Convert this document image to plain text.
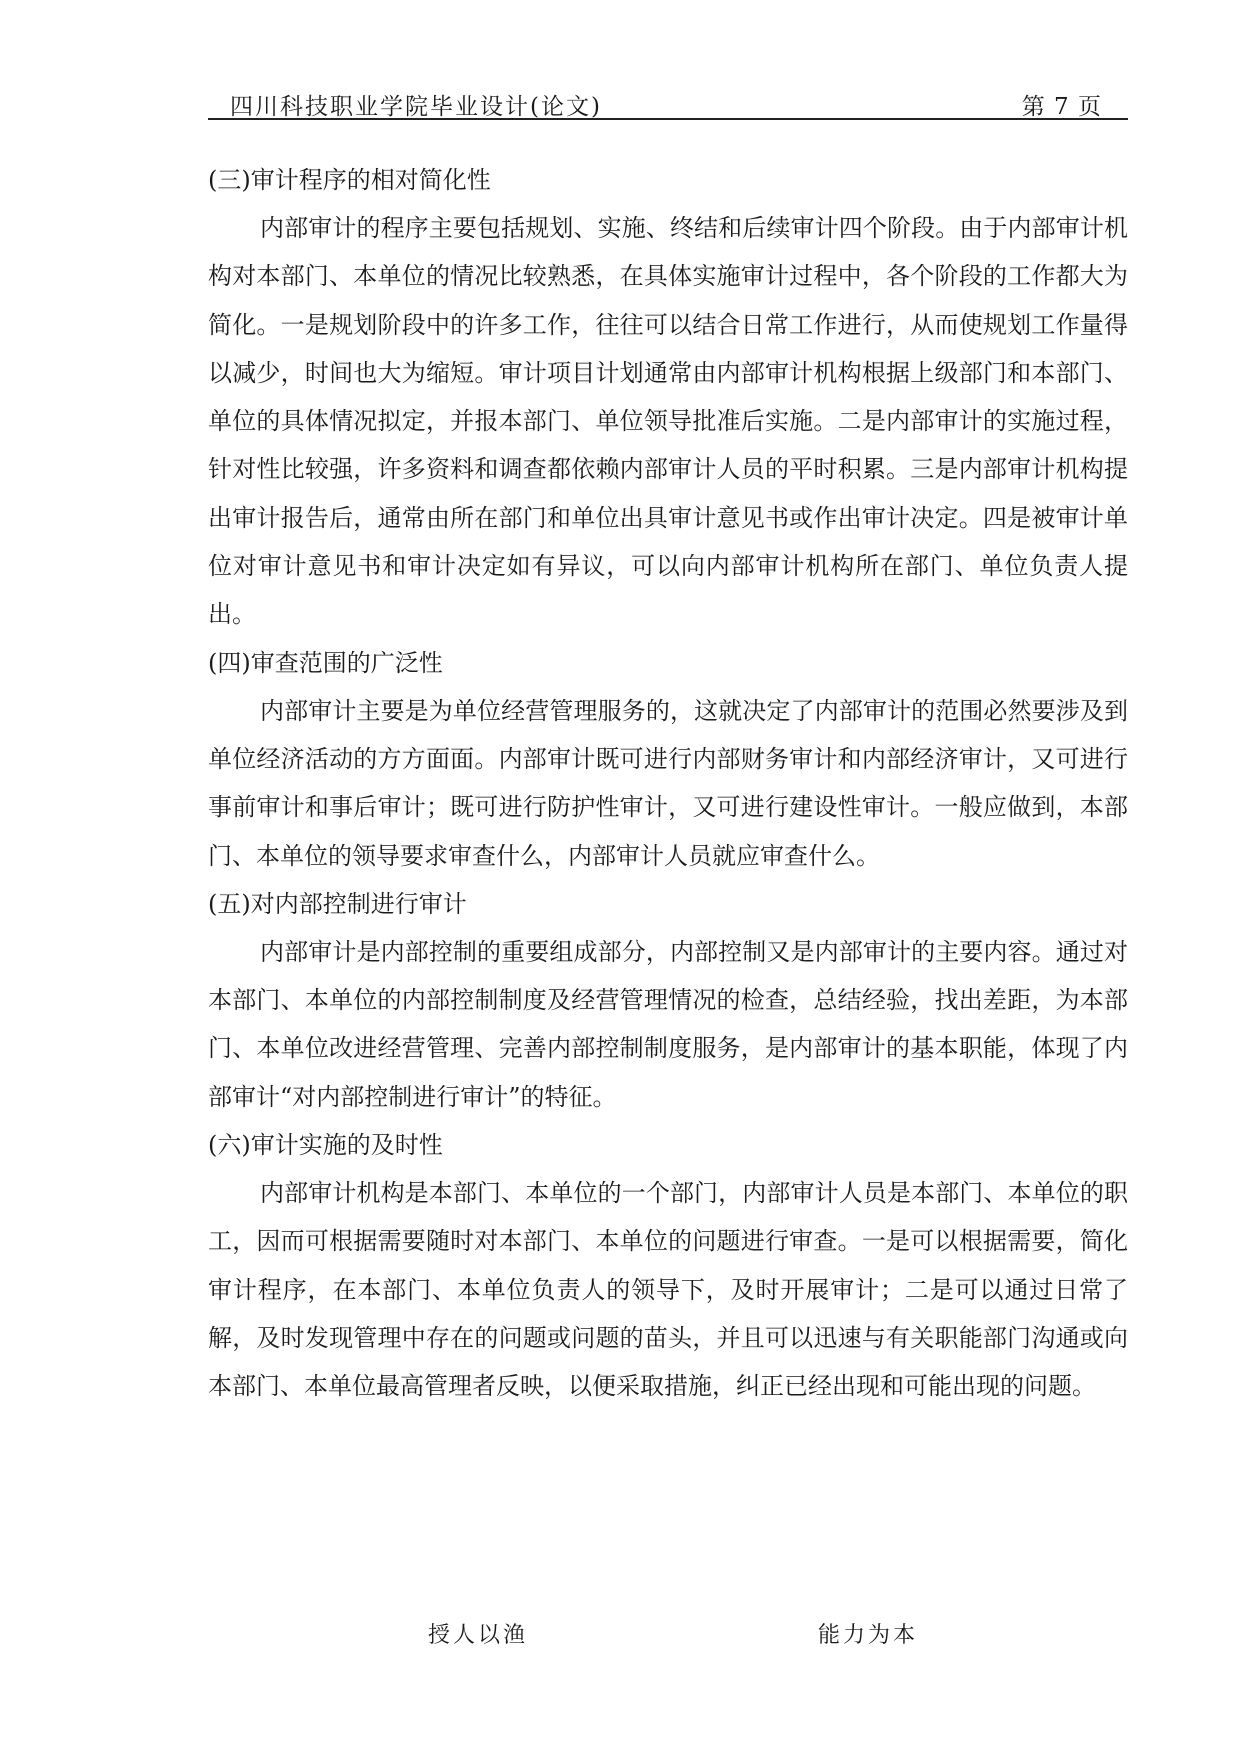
四川科技职业学院毕业设计(论文)	第 7 页

(三)审计程序的相对简化性

内部审计的程序主要包括规划、实施、终结和后续审计四个阶段。由于内部审计机构对本部门、本单位的情况比较熟悉，在具体实施审计过程中，各个阶段的工作都大为简化。一是规划阶段中的许多工作，往往可以结合日常工作进行，从而使规划工作量得以减少，时间也大为缩短。审计项目计划通常由内部审计机构根据上级部门和本部门、单位的具体情况拟定，并报本部门、单位领导批准后实施。二是内部审计的实施过程，针对性比较强，许多资料和调查都依赖内部审计人员的平时积累。三是内部审计机构提出审计报告后，通常由所在部门和单位出具审计意见书或作出审计决定。四是被审计单位对审计意见书和审计决定如有异议，可以向内部审计机构所在部门、单位负责人提出。

(四)审查范围的广泛性

内部审计主要是为单位经营管理服务的，这就决定了内部审计的范围必然要涉及到单位经济活动的方方面面。内部审计既可进行内部财务审计和内部经济审计，又可进行事前审计和事后审计；既可进行防护性审计，又可进行建设性审计。一般应做到，本部门、本单位的领导要求审查什么，内部审计人员就应审查什么。

(五)对内部控制进行审计

内部审计是内部控制的重要组成部分，内部控制又是内部审计的主要内容。通过对本部门、本单位的内部控制制度及经营管理情况的检查，总结经验，找出差距，为本部门、本单位改进经营管理、完善内部控制制度服务，是内部审计的基本职能，体现了内部审计“对内部控制进行审计”的特征。

(六)审计实施的及时性

内部审计机构是本部门、本单位的一个部门，内部审计人员是本部门、本单位的职工，因而可根据需要随时对本部门、本单位的问题进行审查。一是可以根据需要，简化审计程序，在本部门、本单位负责人的领导下，及时开展审计；二是可以通过日常了解，及时发现管理中存在的问题或问题的苗头，并且可以迅速与有关职能部门沟通或向本部门、本单位最高管理者反映，以便采取措施，纠正已经出现和可能出现的问题。

授人以渔	能力为本
